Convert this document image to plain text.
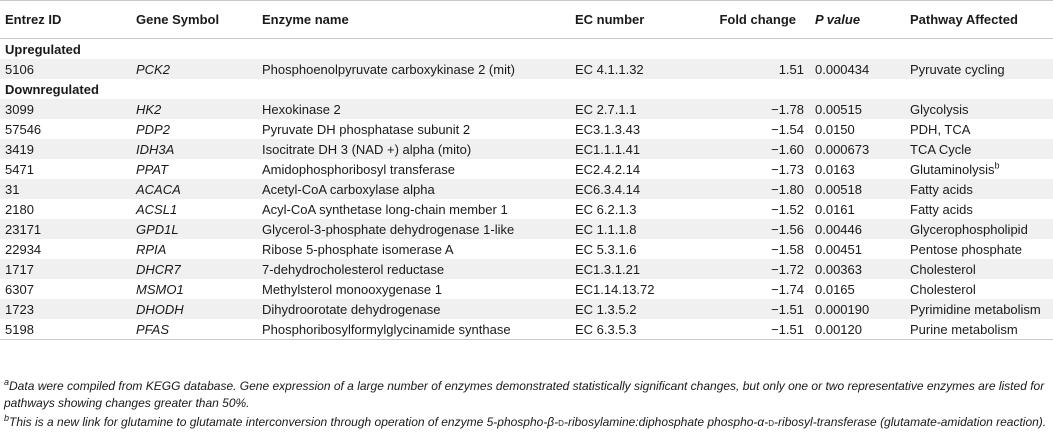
Entrez ID	Gene Symbol	Enzyme name	EC number	Fold change	P value	Pathway Affected
Upregulated						
5106	PCK2	Phosphoenolpyruvate carboxykinase 2 (mit)	EC 4.1.1.32	1.51	0.000434	Pyruvate cycling
Downregulated						
3099	HK2	Hexokinase 2	EC 2.7.1.1	−1.78	0.00515	Glycolysis
57546	PDP2	Pyruvate DH phosphatase subunit 2	EC3.1.3.43	−1.54	0.0150	PDH, TCA
3419	IDH3A	Isocitrate DH 3 (NAD +) alpha (mito)	EC1.1.1.41	−1.60	0.000673	TCA Cycle
5471	PPAT	Amidophosphoribosyl transferase	EC2.4.2.14	−1.73	0.0163	Glutaminolysis$^b$
31	ACACA	Acetyl-CoA carboxylase alpha	EC6.3.4.14	−1.80	0.00518	Fatty acids
2180	ACSL1	Acyl-CoA synthetase long-chain member 1	EC 6.2.1.3	−1.52	0.0161	Fatty acids
23171	GPD1L	Glycerol-3-phosphate dehydrogenase 1-like	EC 1.1.1.8	−1.56	0.00446	Glycerophospholipid
22934	RPIA	Ribose 5-phosphate isomerase A	EC 5.3.1.6	−1.58	0.00451	Pentose phosphate
1717	DHCR7	7-dehydrocholesterol reductase	EC1.3.1.21	−1.72	0.00363	Cholesterol
6307	MSMO1	Methylsterol monooxygenase 1	EC1.14.13.72	−1.74	0.0165	Cholesterol
1723	DHODH	Dihydroorotate dehydrogenase	EC 1.3.5.2	−1.51	0.000190	Pyrimidine metabolism
5198	PFAS	Phosphoribosylformylglycinamide synthase	EC 6.3.5.3	−1.51	0.00120	Purine metabolism

$^a$Data were compiled from KEGG database. Gene expression of a large number of enzymes demonstrated statistically significant changes, but only one or two representative enzymes are listed for pathways showing changes greater than 50%.

$^b$This is a new link for glutamine to glutamate interconversion through operation of enzyme 5-phospho-β-d-ribosylamine:diphosphate phospho-α-d-ribosyl-transferase (glutamate-amidation reaction).
